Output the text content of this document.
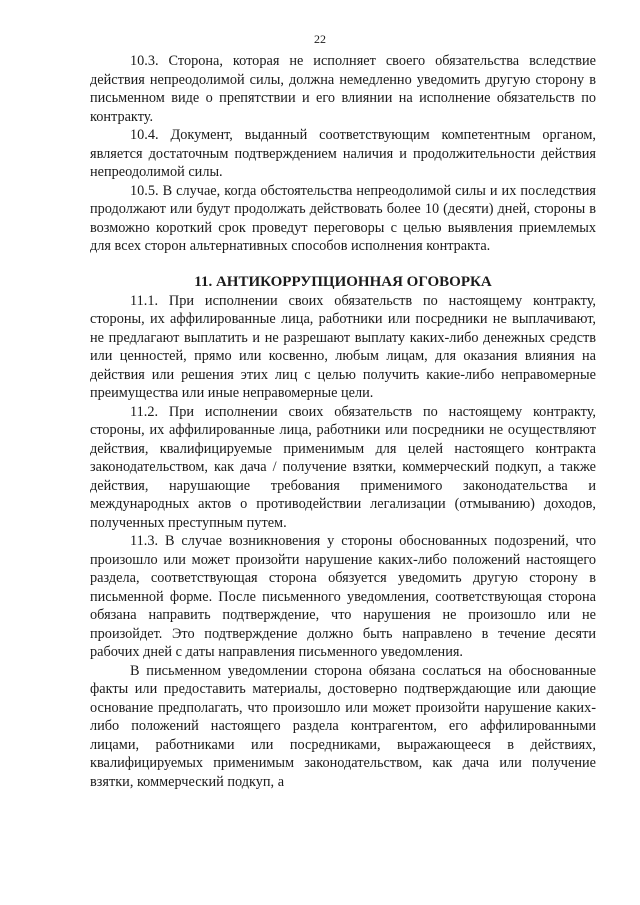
22

10.3. Сторона, которая не исполняет своего обязательства вследствие действия непреодолимой силы, должна немедленно уведомить другую сторону в письменном виде о препятствии и его влиянии на исполнение обязательств по контракту.

10.4. Документ, выданный соответствующим компетентным органом, является достаточным подтверждением наличия и продолжительности действия непреодолимой силы.

10.5. В случае, когда обстоятельства непреодолимой силы и их последствия продолжают или будут продолжать действовать более 10 (десяти) дней, стороны в возможно короткий срок проведут переговоры с целью выявления приемлемых для всех сторон альтернативных способов исполнения контракта.

11. АНТИКОРРУПЦИОННАЯ ОГОВОРКА

11.1. При исполнении своих обязательств по настоящему контракту, стороны, их аффилированные лица, работники или посредники не выплачивают, не предлагают выплатить и не разрешают выплату каких-либо денежных средств или ценностей, прямо или косвенно, любым лицам, для оказания влияния на действия или решения этих лиц с целью получить какие-либо неправомерные преимущества или иные неправомерные цели.

11.2. При исполнении своих обязательств по настоящему контракту, стороны, их аффилированные лица, работники или посредники не осуществляют действия, квалифицируемые применимым для целей настоящего контракта законодательством, как дача / получение взятки, коммерческий подкуп, а также действия, нарушающие требования применимого законодательства и международных актов о противодействии легализации (отмыванию) доходов, полученных преступным путем.

11.3. В случае возникновения у стороны обоснованных подозрений, что произошло или может произойти нарушение каких-либо положений настоящего раздела, соответствующая сторона обязуется уведомить другую сторону в письменной форме. После письменного уведомления, соответствующая сторона обязана направить подтверждение, что нарушения не произошло или не произойдет. Это подтверждение должно быть направлено в течение десяти рабочих дней с даты направления письменного уведомления.

В письменном уведомлении сторона обязана сослаться на обоснованные факты или предоставить материалы, достоверно подтверждающие или дающие основание предполагать, что произошло или может произойти нарушение каких-либо положений настоящего раздела контрагентом, его аффилированными лицами, работниками или посредниками, выражающееся в действиях, квалифицируемых применимым законодательством, как дача или получение взятки, коммерческий подкуп, а
